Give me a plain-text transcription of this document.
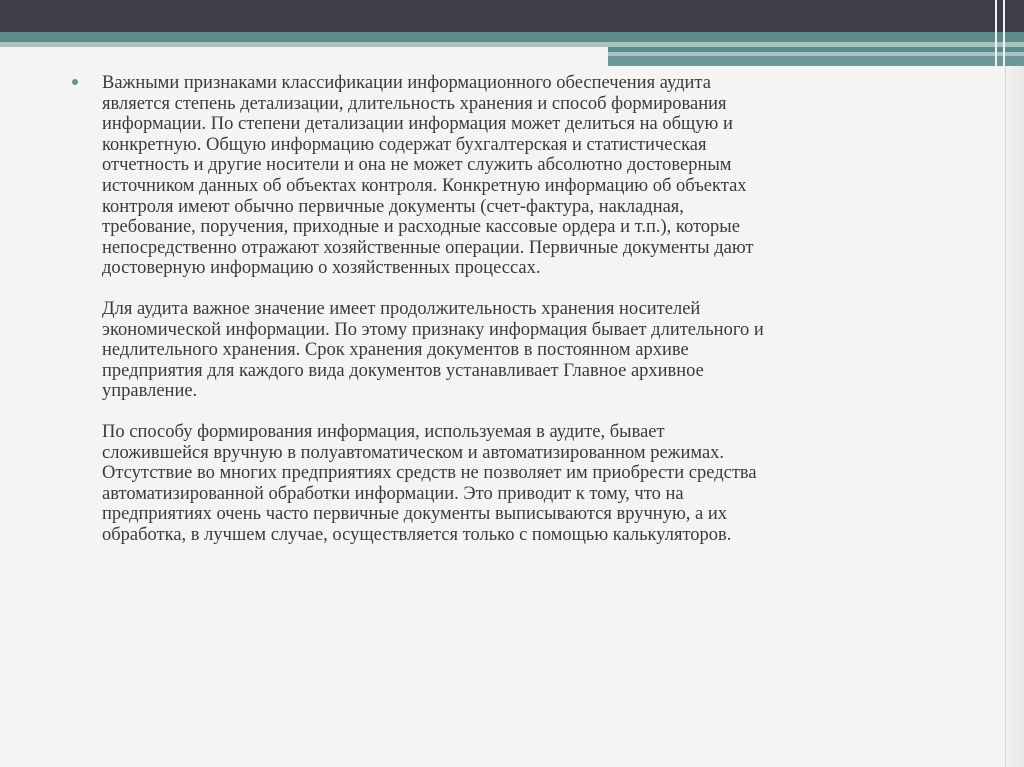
Важными признаками классификации информационного обеспечения аудита
является степень детализации, длительность хранения и способ формирования
информации. По степени детализации информация может делиться на общую и
конкретную. Общую информацию содержат бухгалтерская и статистическая
отчетность и другие носители и она не может служить абсолютно достоверным
источником данных об объектах контроля. Конкретную информацию об объектах
контроля имеют обычно первичные документы (счет-фактура, накладная,
требование, поручения, приходные и расходные кассовые ордера и т.п.), которые
непосредственно отражают хозяйственные операции. Первичные документы дают
достоверную информацию о хозяйственных процессах.

Для аудита важное значение имеет продолжительность хранения носителей
экономической информации. По этому признаку информация бывает длительного и
недлительного хранения. Срок хранения документов в постоянном архиве
предприятия для каждого вида документов устанавливает Главное архивное
управление.

По способу формирования информация, используемая в аудите, бывает
сложившейся вручную в полуавтоматическом и автоматизированном режимах.
Отсутствие во многих предприятиях средств не позволяет им приобрести средства
автоматизированной обработки информации. Это приводит к тому, что на
предприятиях очень часто первичные документы выписываются вручную, а их
обработка, в лучшем случае, осуществляется только с помощью калькуляторов.
